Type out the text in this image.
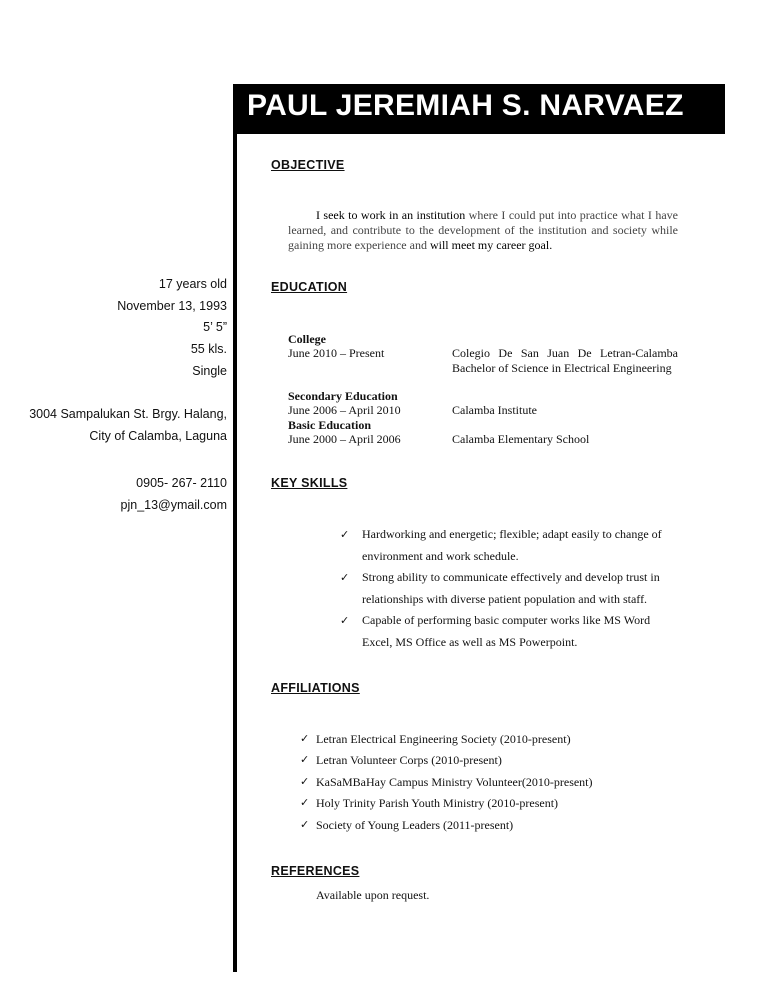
PAUL JEREMIAH S. NARVAEZ
17 years old
November 13, 1993
5’ 5”
55 kls.
Single
3004 Sampalukan St. Brgy. Halang,
City of Calamba, Laguna
0905- 267- 2110
pjn_13@ymail.com
OBJECTIVE
I seek to work in an institution where I could put into practice what I have learned, and contribute to the development of the institution and society while gaining more experience and will meet my career goal.
EDUCATION
College
June 2010 – Present	Colegio De San Juan De Letran-Calamba Bachelor of Science in Electrical Engineering
Secondary Education
June 2006 – April 2010	Calamba Institute
Basic Education
June 2000 – April 2006	Calamba Elementary School
KEY SKILLS
✓ Hardworking and energetic; flexible; adapt easily to change of environment and work schedule.
✓ Strong ability to communicate effectively and develop trust in relationships with diverse patient population and with staff.
✓ Capable of performing basic computer works like MS Word Excel, MS Office as well as MS Powerpoint.
AFFILIATIONS
✓ Letran Electrical Engineering Society (2010-present)
✓ Letran Volunteer Corps (2010-present)
✓ KaSaMBaHay Campus Ministry Volunteer(2010-present)
✓ Holy Trinity Parish Youth Ministry (2010-present)
✓ Society of Young Leaders (2011-present)
REFERENCES
Available upon request.
